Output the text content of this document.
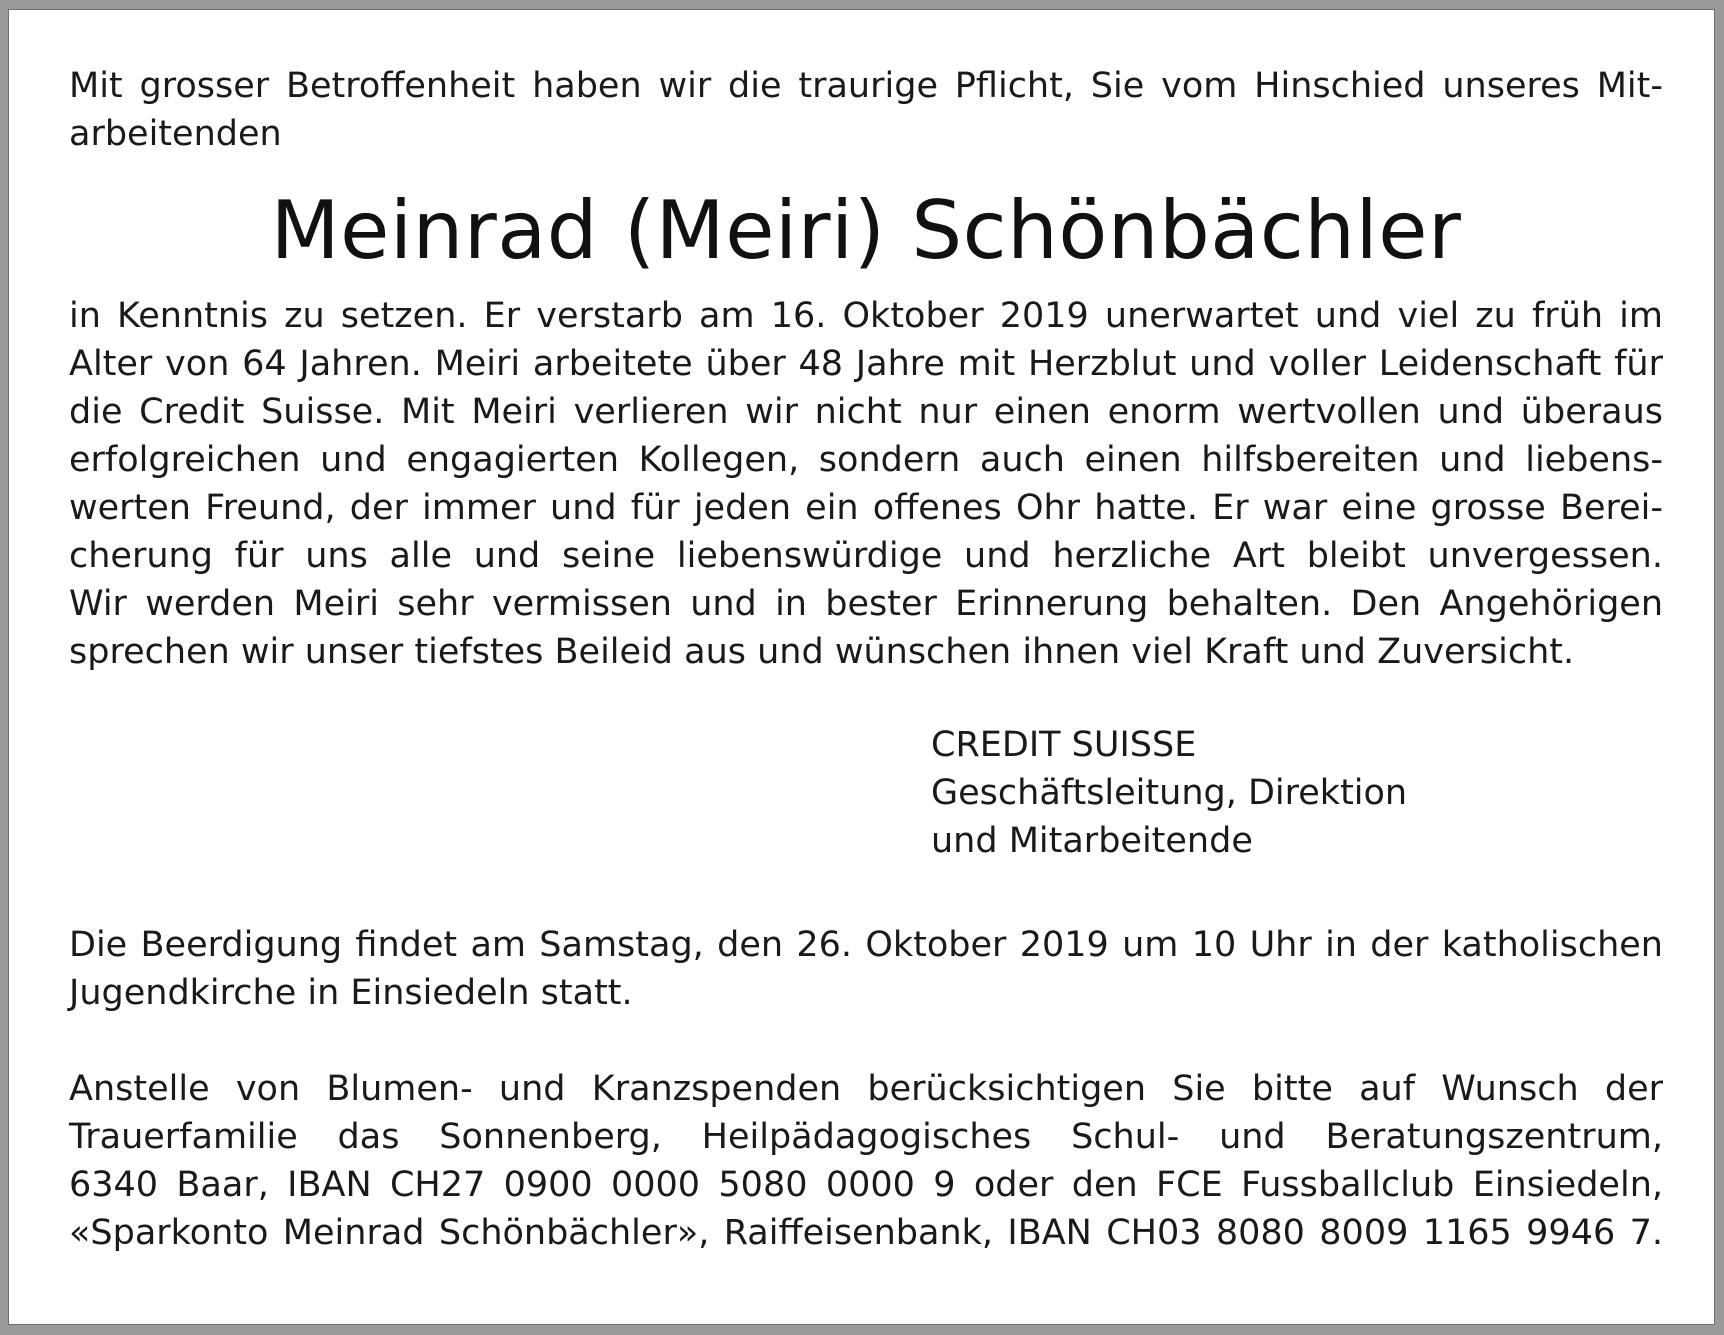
Mit grosser Betroffenheit haben wir die traurige Pflicht, Sie vom Hinschied unseres Mit-
arbeitenden

Meinrad (Meiri) Schönbächler

in Kenntnis zu setzen. Er verstarb am 16. Oktober 2019 unerwartet und viel zu früh im
Alter von 64 Jahren. Meiri arbeitete über 48 Jahre mit Herzblut und voller Leidenschaft für
die Credit Suisse. Mit Meiri verlieren wir nicht nur einen enorm wertvollen und überaus
erfolgreichen und engagierten Kollegen, sondern auch einen hilfsbereiten und liebens-
werten Freund, der immer und für jeden ein offenes Ohr hatte. Er war eine grosse Berei-
cherung für uns alle und seine liebenswürdige und herzliche Art bleibt unvergessen.
Wir werden Meiri sehr vermissen und in bester Erinnerung behalten. Den Angehörigen
sprechen wir unser tiefstes Beileid aus und wünschen ihnen viel Kraft und Zuversicht.

CREDIT SUISSE
Geschäftsleitung, Direktion
und Mitarbeitende

Die Beerdigung findet am Samstag, den 26. Oktober 2019 um 10 Uhr in der katholischen
Jugendkirche in Einsiedeln statt.

Anstelle von Blumen- und Kranzspenden berücksichtigen Sie bitte auf Wunsch der
Trauerfamilie das Sonnenberg, Heilpädagogisches Schul- und Beratungszentrum,
6340 Baar, IBAN CH27 0900 0000 5080 0000 9 oder den FCE Fussballclub Einsiedeln,
«Sparkonto Meinrad Schönbächler», Raiffeisenbank, IBAN CH03 8080 8009 1165 9946 7.
